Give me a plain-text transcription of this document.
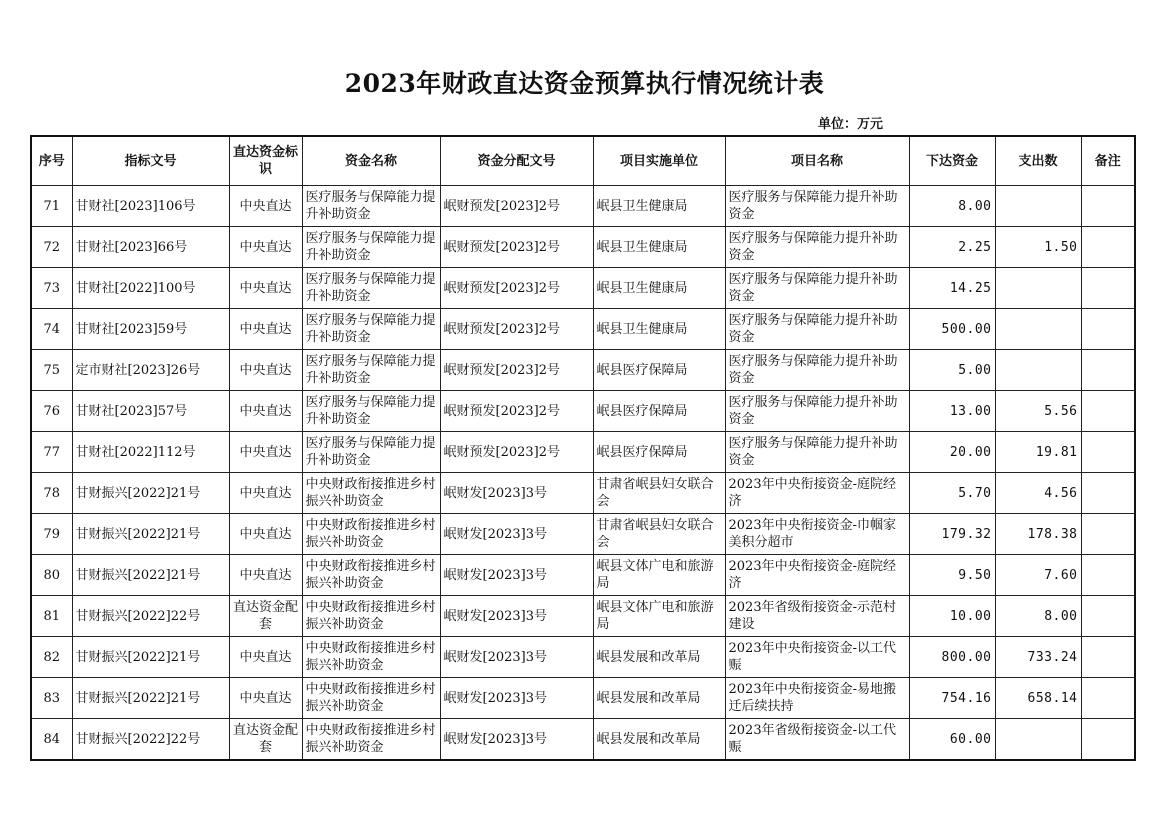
2023年财政直达资金预算执行情况统计表
单位：万元
序号	指标文号	直达资金标识	资金名称	资金分配文号	项目实施单位	项目名称	下达资金	支出数	备注
71	甘财社[2023]106号	中央直达	医疗服务与保障能力提升补助资金	岷财预发[2023]2号	岷县卫生健康局	医疗服务与保障能力提升补助资金	8.00		
72	甘财社[2023]66号	中央直达	医疗服务与保障能力提升补助资金	岷财预发[2023]2号	岷县卫生健康局	医疗服务与保障能力提升补助资金	2.25	1.50	
73	甘财社[2022]100号	中央直达	医疗服务与保障能力提升补助资金	岷财预发[2023]2号	岷县卫生健康局	医疗服务与保障能力提升补助资金	14.25		
74	甘财社[2023]59号	中央直达	医疗服务与保障能力提升补助资金	岷财预发[2023]2号	岷县卫生健康局	医疗服务与保障能力提升补助资金	500.00		
75	定市财社[2023]26号	中央直达	医疗服务与保障能力提升补助资金	岷财预发[2023]2号	岷县医疗保障局	医疗服务与保障能力提升补助资金	5.00		
76	甘财社[2023]57号	中央直达	医疗服务与保障能力提升补助资金	岷财预发[2023]2号	岷县医疗保障局	医疗服务与保障能力提升补助资金	13.00	5.56	
77	甘财社[2022]112号	中央直达	医疗服务与保障能力提升补助资金	岷财预发[2023]2号	岷县医疗保障局	医疗服务与保障能力提升补助资金	20.00	19.81	
78	甘财振兴[2022]21号	中央直达	中央财政衔接推进乡村振兴补助资金	岷财发[2023]3号	甘肃省岷县妇女联合会	2023年中央衔接资金-庭院经济	5.70	4.56	
79	甘财振兴[2022]21号	中央直达	中央财政衔接推进乡村振兴补助资金	岷财发[2023]3号	甘肃省岷县妇女联合会	2023年中央衔接资金-巾帼家美积分超市	179.32	178.38	
80	甘财振兴[2022]21号	中央直达	中央财政衔接推进乡村振兴补助资金	岷财发[2023]3号	岷县文体广电和旅游局	2023年中央衔接资金-庭院经济	9.50	7.60	
81	甘财振兴[2022]22号	直达资金配套	中央财政衔接推进乡村振兴补助资金	岷财发[2023]3号	岷县文体广电和旅游局	2023年省级衔接资金-示范村建设	10.00	8.00	
82	甘财振兴[2022]21号	中央直达	中央财政衔接推进乡村振兴补助资金	岷财发[2023]3号	岷县发展和改革局	2023年中央衔接资金-以工代赈	800.00	733.24	
83	甘财振兴[2022]21号	中央直达	中央财政衔接推进乡村振兴补助资金	岷财发[2023]3号	岷县发展和改革局	2023年中央衔接资金-易地搬迁后续扶持	754.16	658.14	
84	甘财振兴[2022]22号	直达资金配套	中央财政衔接推进乡村振兴补助资金	岷财发[2023]3号	岷县发展和改革局	2023年省级衔接资金-以工代赈	60.00		
